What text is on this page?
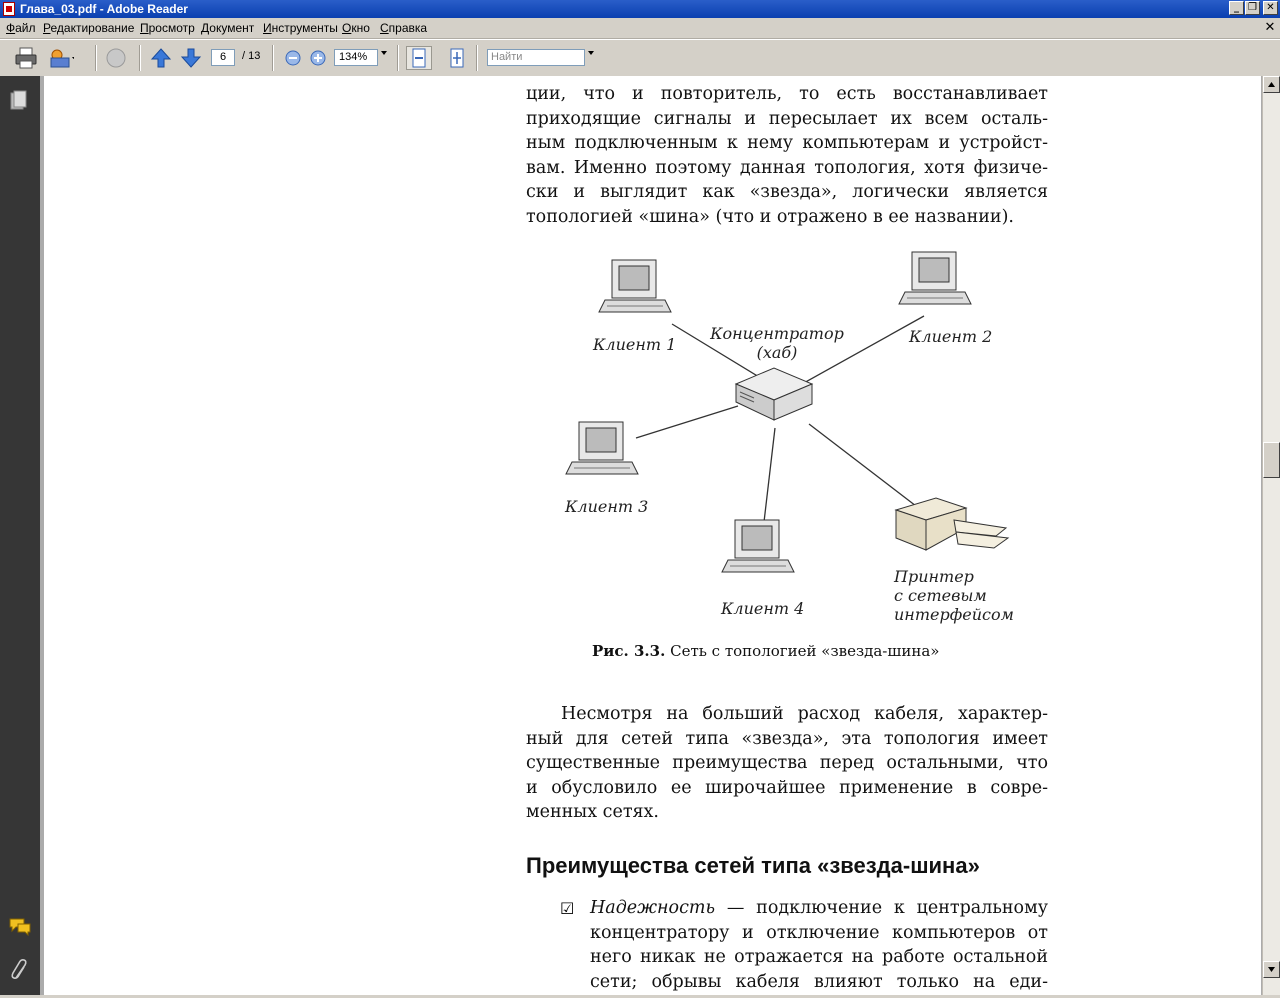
Глава_03.pdf - Adobe Reader	_ ❐ ✕
Файл Редактирование Просмотр Документ Инструменты Окно Справка	✕
6	/ 13	134%	Найти

ции, что и повторитель, то есть восстанавливает

приходящие сигналы и пересылает их всем осталь-

ным подключенным к нему компьютерам и устройст-

вам. Именно поэтому данная топология, хотя физиче-

ски и выглядит как «звезда», логически является

топологией «шина» (что и отражено в ее названии).

Концентратор
(хаб)
Клиент 1	Клиент 2
Клиент 3
Клиент 4
Принтер
с сетевым
интерфейсом
Рис. 3.3. Сеть с топологией «звезда-шина»

Несмотря на больший расход кабеля, характер-

ный для сетей типа «звезда», эта топология имеет

существенные преимущества перед остальными, что

и обусловило ее широчайшее применение в совре-

менных сетях.

Преимущества сетей типа «звезда-шина»
☑ Надежность — подключение к центральному

концентратору и отключение компьютеров от

него никак не отражается на работе остальной

сети; обрывы кабеля влияют только на еди-
